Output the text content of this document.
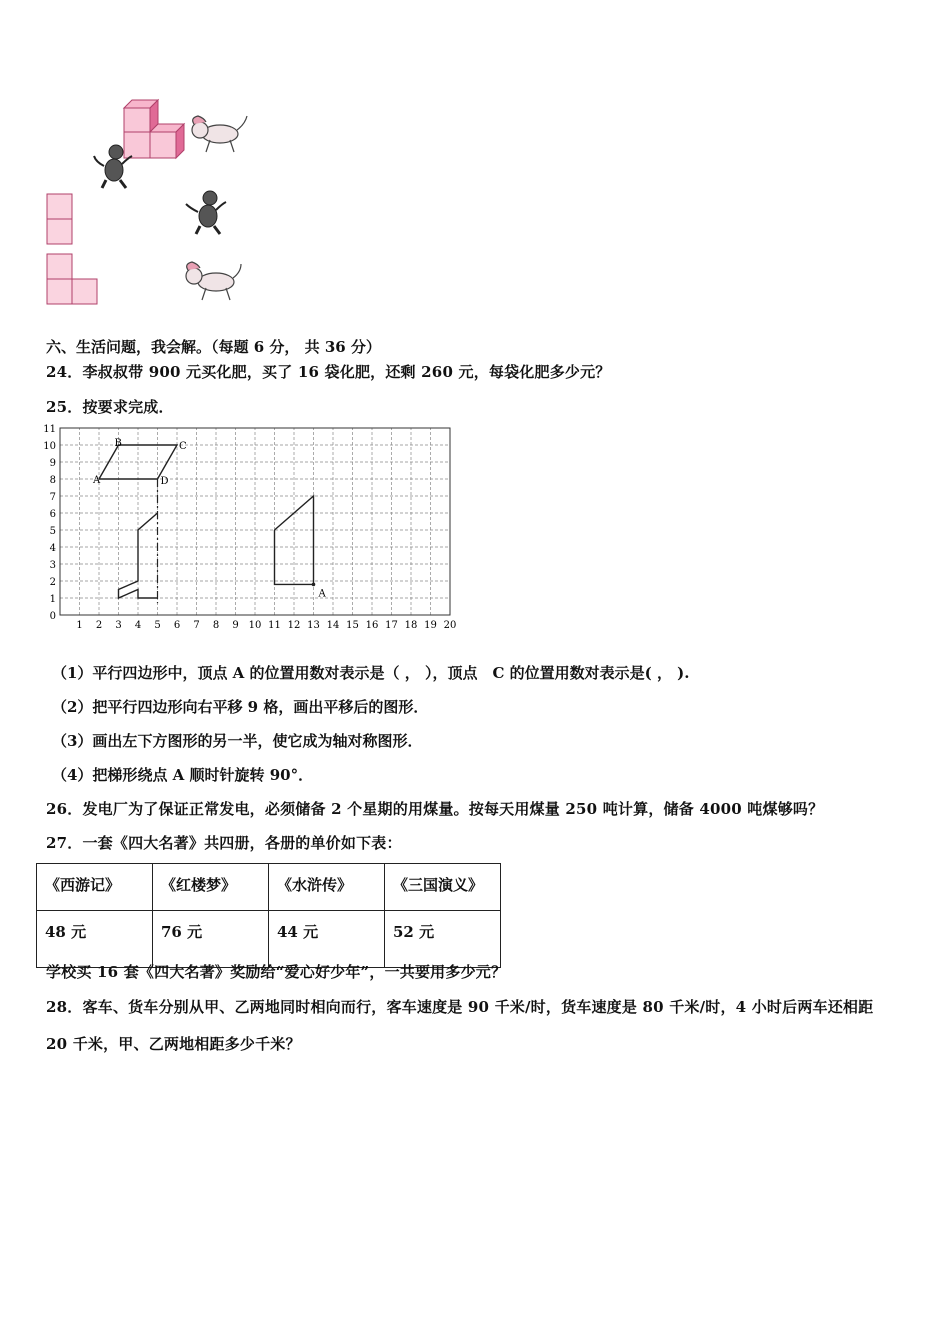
六、生活问题，我会解。（每题 6 分， 共 36 分）
24．李叔叔带 900 元买化肥，买了 16 袋化肥，还剩 260 元，每袋化肥多少元？
25．按要求完成．
1 2 3 4 5 6 7 8 9 10 11 12 13 14 15 16 17 18 19 20
0
1
2
3
4
5
6
7
8
9
10
11
A
B	C
D
A
（1）平行四边形中，顶点 A 的位置用数对表示是（ ， ），顶点　C 的位置用数对表示是( ， ).
（2）把平行四边形向右平移 9 格，画出平移后的图形．
（3）画出左下方图形的另一半，使它成为轴对称图形．
（4）把梯形绕点 A 顺时针旋转 90°．
26．发电厂为了保证正常发电，必须储备 2 个星期的用煤量。按每天用煤量 250 吨计算，储备 4000 吨煤够吗？
27．一套《四大名著》共四册，各册的单价如下表：
《西游记》	《红楼梦》	《水浒传》	《三国演义》
48 元	76 元	44 元	52 元
学校买 16 套《四大名著》奖励给“爱心好少年”，一共要用多少元？
28．客车、货车分别从甲、乙两地同时相向而行，客车速度是 90 千米/时，货车速度是 80 千米/时，4 小时后两车还相距
20 千米，甲、乙两地相距多少千米？
